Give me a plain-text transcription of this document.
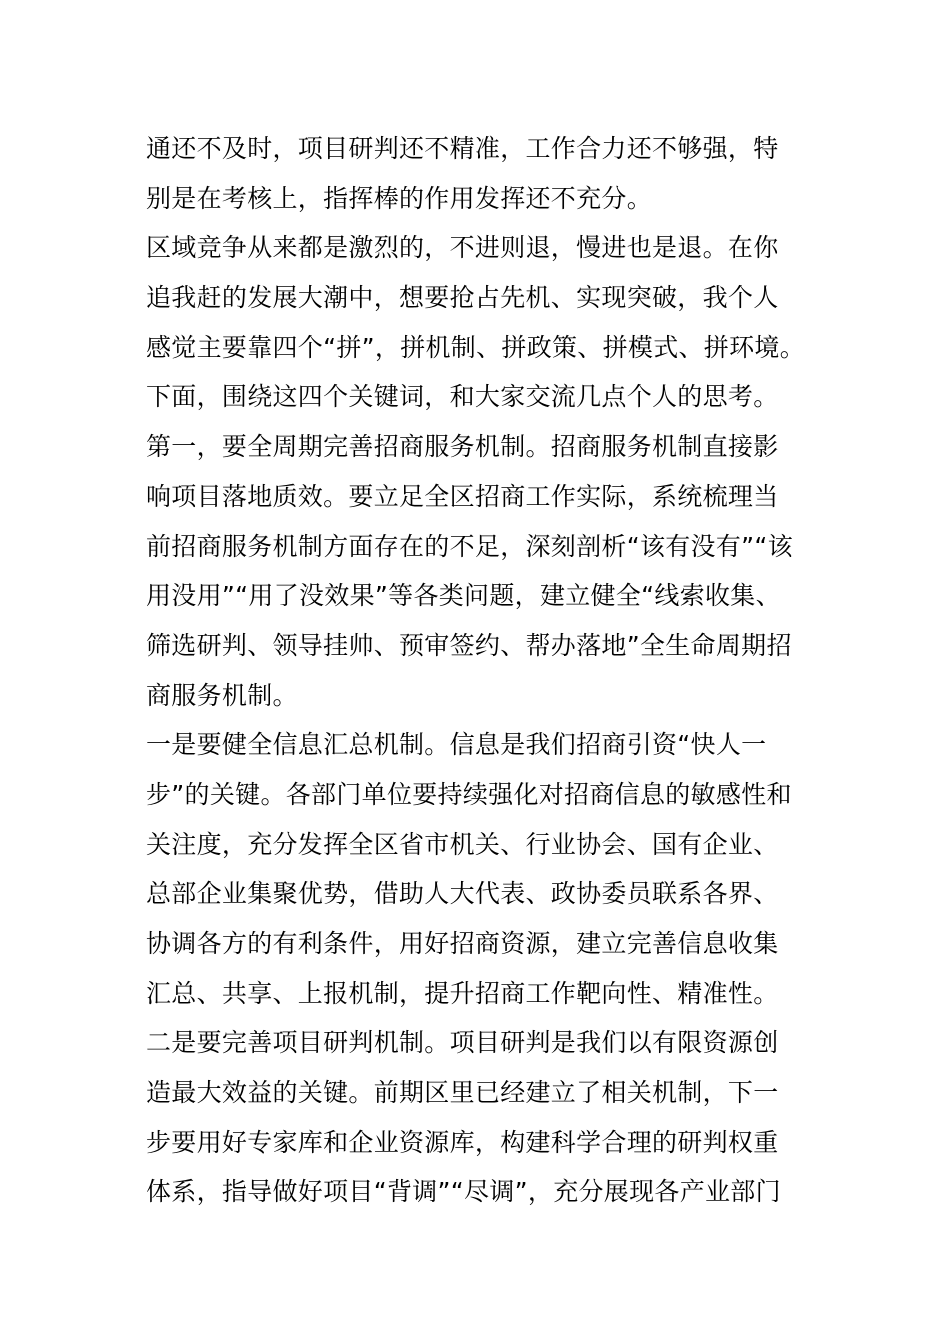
通还不及时，项目研判还不精准，工作合力还不够强，特
别是在考核上，指挥棒的作用发挥还不充分。
区域竞争从来都是激烈的，不进则退，慢进也是退。在你
追我赶的发展大潮中，想要抢占先机、实现突破，我个人
感觉主要靠四个“拼”，拼机制、拼政策、拼模式、拼环境。
下面，围绕这四个关键词，和大家交流几点个人的思考。
第一，要全周期完善招商服务机制。招商服务机制直接影
响项目落地质效。要立足全区招商工作实际，系统梳理当
前招商服务机制方面存在的不足，深刻剖析“该有没有”“该
用没用”“用了没效果”等各类问题，建立健全“线索收集、
筛选研判、领导挂帅、预审签约、帮办落地”全生命周期招
商服务机制。
一是要健全信息汇总机制。信息是我们招商引资“快人一
步”的关键。各部门单位要持续强化对招商信息的敏感性和
关注度，充分发挥全区省市机关、行业协会、国有企业、
总部企业集聚优势，借助人大代表、政协委员联系各界、
协调各方的有利条件，用好招商资源，建立完善信息收集
汇总、共享、上报机制，提升招商工作靶向性、精准性。
二是要完善项目研判机制。项目研判是我们以有限资源创
造最大效益的关键。前期区里已经建立了相关机制，下一
步要用好专家库和企业资源库，构建科学合理的研判权重
体系，指导做好项目“背调”“尽调”，充分展现各产业部门
